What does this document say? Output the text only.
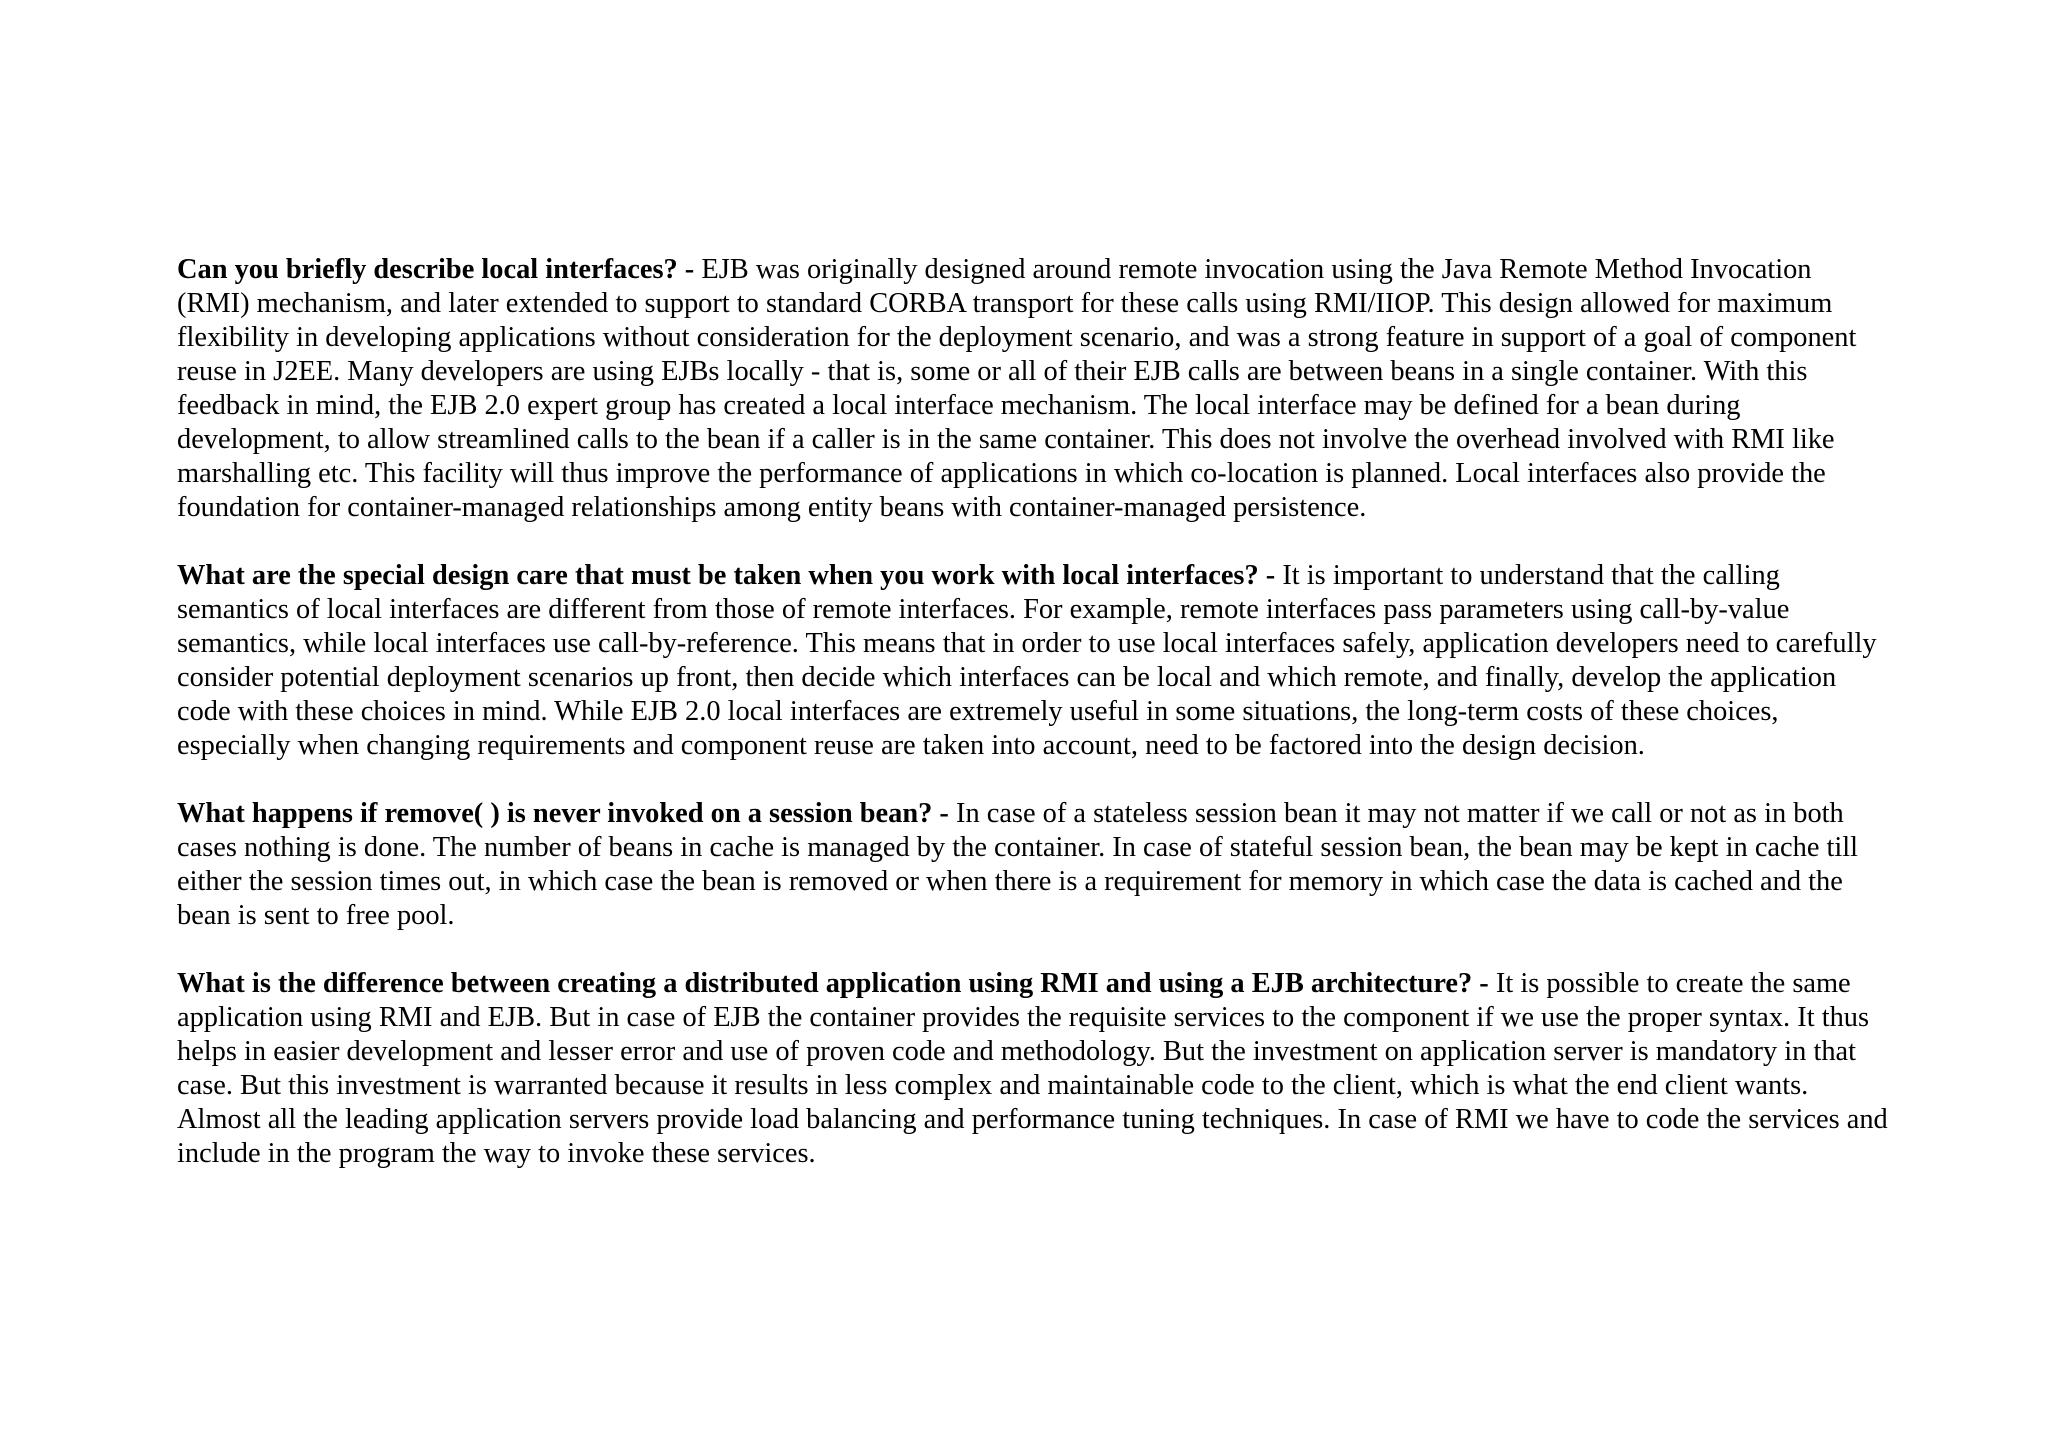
Can you briefly describe local interfaces? - EJB was originally designed around remote invocation using the Java Remote Method Invocation (RMI) mechanism, and later extended to support to standard CORBA transport for these calls using RMI/IIOP. This design allowed for maximum flexibility in developing applications without consideration for the deployment scenario, and was a strong feature in support of a goal of component reuse in J2EE. Many developers are using EJBs locally - that is, some or all of their EJB calls are between beans in a single container. With this feedback in mind, the EJB 2.0 expert group has created a local interface mechanism. The local interface may be defined for a bean during development, to allow streamlined calls to the bean if a caller is in the same container. This does not involve the overhead involved with RMI like marshalling etc. This facility will thus improve the performance of applications in which co-location is planned. Local interfaces also provide the foundation for container-managed relationships among entity beans with container-managed persistence.

What are the special design care that must be taken when you work with local interfaces? - It is important to understand that the calling semantics of local interfaces are different from those of remote interfaces. For example, remote interfaces pass parameters using call-by-value semantics, while local interfaces use call-by-reference. This means that in order to use local interfaces safely, application developers need to carefully consider potential deployment scenarios up front, then decide which interfaces can be local and which remote, and finally, develop the application code with these choices in mind. While EJB 2.0 local interfaces are extremely useful in some situations, the long-term costs of these choices, especially when changing requirements and component reuse are taken into account, need to be factored into the design decision.

What happens if remove( ) is never invoked on a session bean? - In case of a stateless session bean it may not matter if we call or not as in both cases nothing is done. The number of beans in cache is managed by the container. In case of stateful session bean, the bean may be kept in cache till either the session times out, in which case the bean is removed or when there is a requirement for memory in which case the data is cached and the bean is sent to free pool.

What is the difference between creating a distributed application using RMI and using a EJB architecture? - It is possible to create the same application using RMI and EJB. But in case of EJB the container provides the requisite services to the component if we use the proper syntax. It thus helps in easier development and lesser error and use of proven code and methodology. But the investment on application server is mandatory in that case. But this investment is warranted because it results in less complex and maintainable code to the client, which is what the end client wants. Almost all the leading application servers provide load balancing and performance tuning techniques. In case of RMI we have to code the services and include in the program the way to invoke these services.
